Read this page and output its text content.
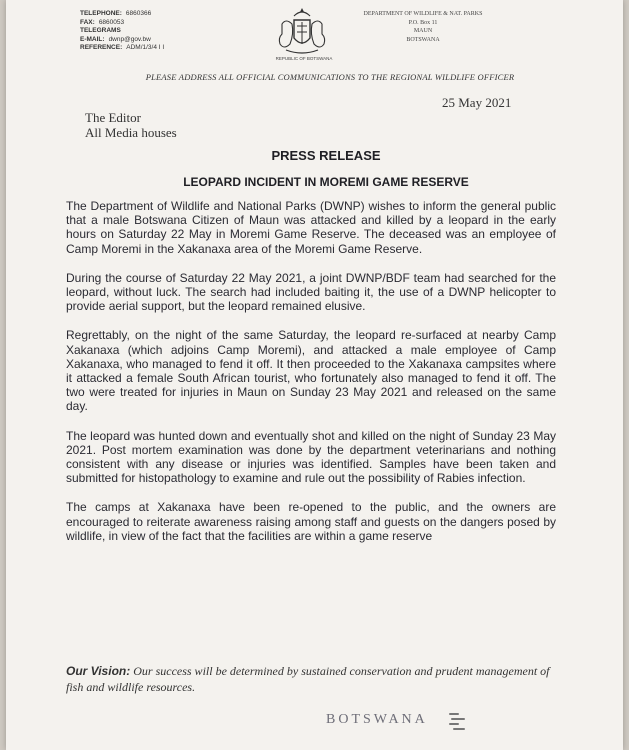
TELEPHONE: 6860366
FAX: 6860053
TELEGRAMS
E-MAIL: dwnp@gov.bw
REFERENCE: ADM/1/3/4 I I
REPUBLIC OF BOTSWANA
DEPARTMENT OF WILDLIFE & NAT. PARKS
P.O. Box 11
MAUN
BOTSWANA
PLEASE ADDRESS ALL OFFICIAL COMMUNICATIONS TO THE REGIONAL WILDLIFE OFFICER
25 May 2021
The Editor
All Media houses
PRESS RELEASE
LEOPARD INCIDENT IN MOREMI GAME RESERVE

The Department of Wildlife and National Parks (DWNP) wishes to inform the general public that a male Botswana Citizen of Maun was attacked and killed by a leopard in the early hours on Saturday 22 May in Moremi Game Reserve. The deceased was an employee of Camp Moremi in the Xakanaxa area of the Moremi Game Reserve.

During the course of Saturday 22 May 2021, a joint DWNP/BDF team had searched for the leopard, without luck. The search had included baiting it, the use of a DWNP helicopter to provide aerial support, but the leopard remained elusive.

Regrettably, on the night of the same Saturday, the leopard re-surfaced at nearby Camp Xakanaxa (which adjoins Camp Moremi), and attacked a male employee of Camp Xakanaxa, who managed to fend it off. It then proceeded to the Xakanaxa campsites where it attacked a female South African tourist, who fortunately also managed to fend it off. The two were treated for injuries in Maun on Sunday 23 May 2021 and released on the same day.

The leopard was hunted down and eventually shot and killed on the night of Sunday 23 May 2021. Post mortem examination was done by the department veterinarians and nothing consistent with any disease or injuries was identified. Samples have been taken and submitted for histopathology to examine and rule out the possibility of Rabies infection.

The camps at Xakanaxa have been re-opened to the public, and the owners are encouraged to reiterate awareness raising among staff and guests on the dangers posed by wildlife, in view of the fact that the facilities are within a game reserve

Our Vision: Our success will be determined by sustained conservation and prudent management of fish and wildlife resources.
BOTSWANA
